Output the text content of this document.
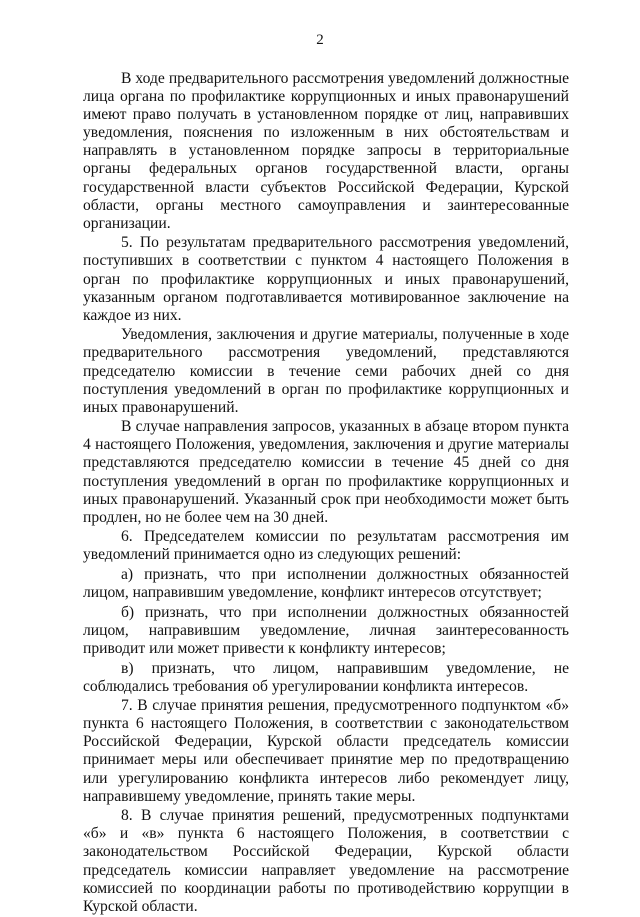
2

В ходе предварительного рассмотрения уведомлений должностные лица органа по профилактике коррупционных и иных правонарушений имеют право получать в установленном порядке от лиц, направивших уведомления, пояснения по изложенным в них обстоятельствам и направлять в установленном порядке запросы в территориальные органы федеральных органов государственной власти, органы государственной власти субъектов Российской Федерации, Курской области, органы местного самоуправления и заинтересованные организации.

5. По результатам предварительного рассмотрения уведомлений, поступивших в соответствии с пунктом 4 настоящего Положения в орган по профилактике коррупционных и иных правонарушений, указанным органом подготавливается мотивированное заключение на каждое из них.

Уведомления, заключения и другие материалы, полученные в ходе предварительного рассмотрения уведомлений, представляются председателю комиссии в течение семи рабочих дней со дня поступления уведомлений в орган по профилактике коррупционных и иных правонарушений.

В случае направления запросов, указанных в абзаце втором пункта 4 настоящего Положения, уведомления, заключения и другие материалы представляются председателю комиссии в течение 45 дней со дня поступления уведомлений в орган по профилактике коррупционных и иных правонарушений. Указанный срок при необходимости может быть продлен, но не более чем на 30 дней.

6. Председателем комиссии по результатам рассмотрения им уведомлений принимается одно из следующих решений:

а) признать, что при исполнении должностных обязанностей лицом, направившим уведомление, конфликт интересов отсутствует;

б) признать, что при исполнении должностных обязанностей лицом, направившим уведомление, личная заинтересованность приводит или может привести к конфликту интересов;

в) признать, что лицом, направившим уведомление, не соблюдались требования об урегулировании конфликта интересов.

7. В случае принятия решения, предусмотренного подпунктом «б» пункта 6 настоящего Положения, в соответствии с законодательством Российской Федерации, Курской области председатель комиссии принимает меры или обеспечивает принятие мер по предотвращению или урегулированию конфликта интересов либо рекомендует лицу, направившему уведомление, принять такие меры.

8. В случае принятия решений, предусмотренных подпунктами «б» и «в» пункта 6 настоящего Положения, в соответствии с законодательством Российской Федерации, Курской области председатель комиссии направляет уведомление на рассмотрение комиссией по координации работы по противодействию коррупции в Курской области.
